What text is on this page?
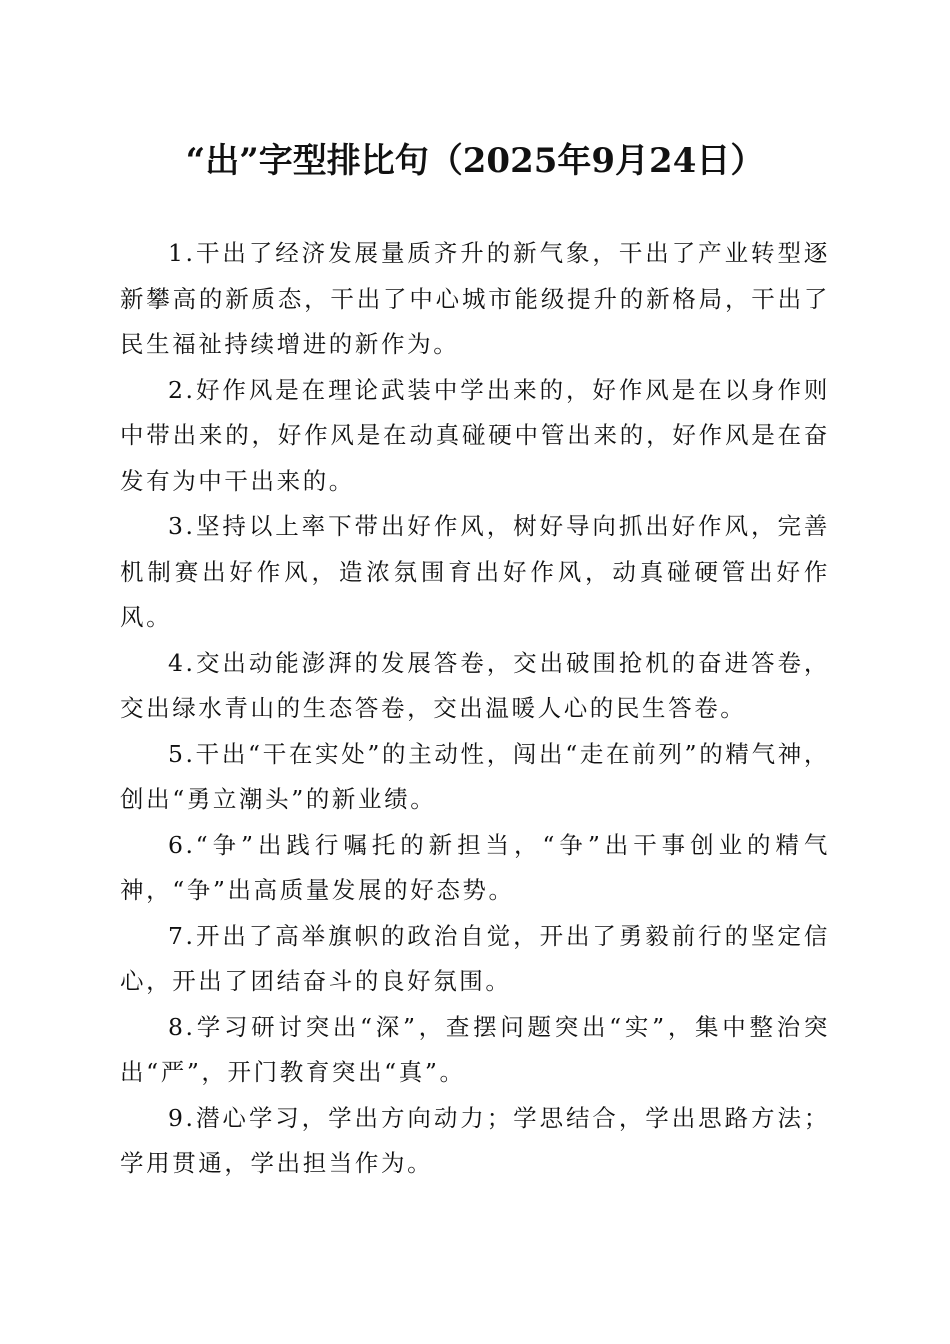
“出”字型排比句（2025年9月24日）

1.干出了经济发展量质齐升的新气象，干出了产业转型逐新攀高的新质态，干出了中心城市能级提升的新格局，干出了民生福祉持续增进的新作为。

2.好作风是在理论武装中学出来的，好作风是在以身作则中带出来的，好作风是在动真碰硬中管出来的，好作风是在奋发有为中干出来的。

3.坚持以上率下带出好作风，树好导向抓出好作风，完善机制赛出好作风，造浓氛围育出好作风，动真碰硬管出好作风。

4.交出动能澎湃的发展答卷，交出破围抢机的奋进答卷，交出绿水青山的生态答卷，交出温暖人心的民生答卷。

5.干出“干在实处”的主动性，闯出“走在前列”的精气神，创出“勇立潮头”的新业绩。

6.“争”出践行嘱托的新担当，“争”出干事创业的精气神，“争”出高质量发展的好态势。

7.开出了高举旗帜的政治自觉，开出了勇毅前行的坚定信心，开出了团结奋斗的良好氛围。

8.学习研讨突出“深”，查摆问题突出“实”，集中整治突出“严”，开门教育突出“真”。

9.潜心学习，学出方向动力；学思结合，学出思路方法；学用贯通，学出担当作为。
